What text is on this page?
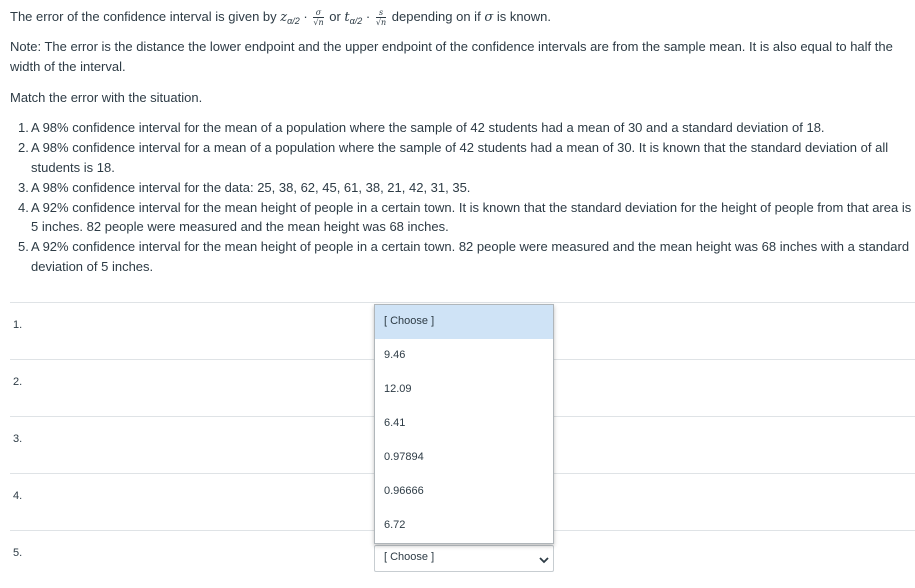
The error of the confidence interval is given by $z_{\alpha/2} \cdot \frac{\sigma}{√n}$ or $t_{\alpha/2} \cdot \frac{s}{√n}$ depending on if σ is known.
Note: The error is the distance the lower endpoint and the upper endpoint of the confidence intervals are from the sample mean. It is also equal to half the width of the interval.
Match the error with the situation.
1. A 98% confidence interval for the mean of a population where the sample of 42 students had a mean of 30 and a standard deviation of 18.
2. A 98% confidence interval for a mean of a population where the sample of 42 students had a mean of 30. It is known that the standard deviation of all students is 18.
3. A 98% confidence interval for the data: 25, 38, 62, 45, 61, 38, 21, 42, 31, 35.
4. A 92% confidence interval for the mean height of people in a certain town. It is known that the standard deviation for the height of people from that area is 5 inches. 82 people were measured and the mean height was 68 inches.
5. A 92% confidence interval for the mean height of people in a certain town. 82 people were measured and the mean height was 68 inches with a standard deviation of 5 inches.
1.
2.
3.
4.
5.	[ Choose ]
[ Choose ]
9.46
12.09
6.41
0.97894
0.96666
6.72
